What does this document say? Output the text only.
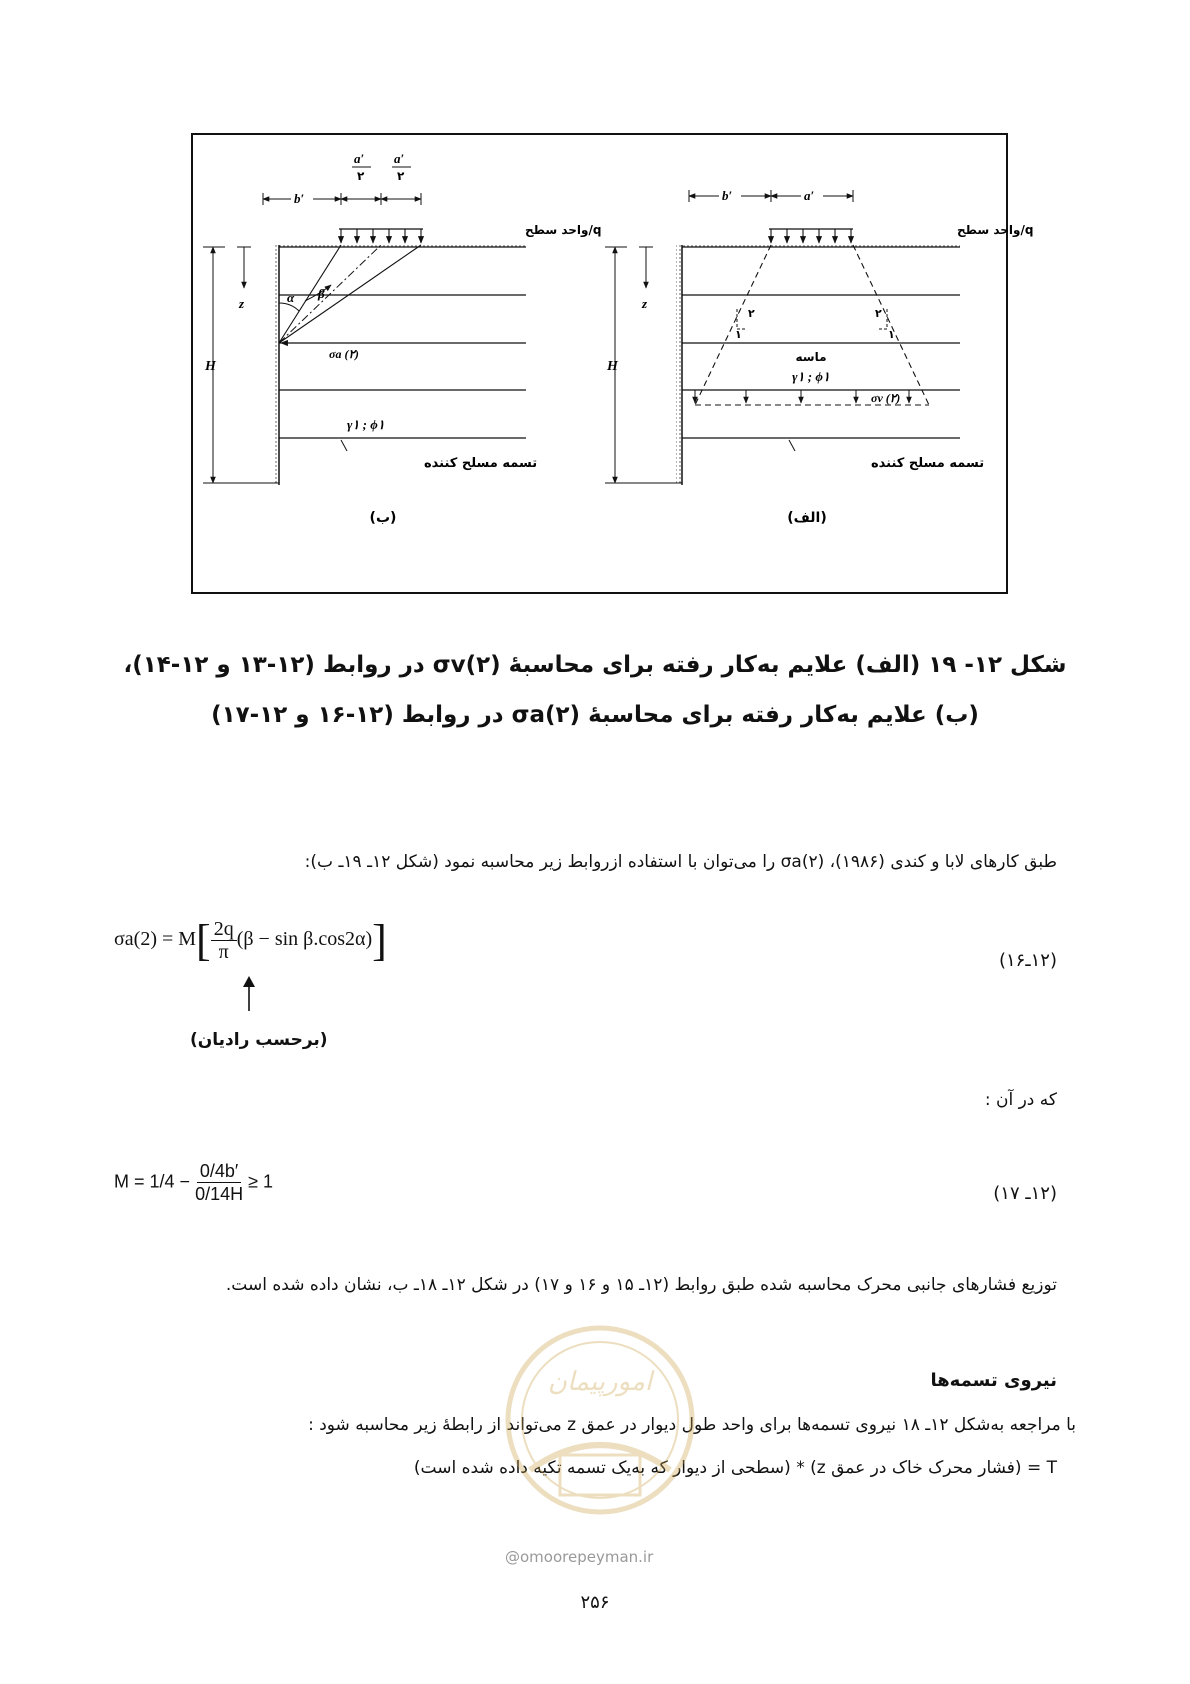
H
z
q/واحد سطح
b′
a′
۲
a′
۲
α β
σa (۲)
γ۱ ; ϕ۱
تسمه مسلح کننده
(ب)
H
z
q/واحد سطح
b′	a′
۲
۱
۲
۱
ماسه
γ۱ ; ϕ۱
σv (۲)
تسمه مسلح کننده
(الف)
شکل ۱۲- ۱۹ (الف) علایم به‌کار رفته برای محاسبهٔ σv(۲) در روابط (۱۲-۱۳ و ۱۲-۱۴)،
(ب) علایم به‌کار رفته برای محاسبهٔ σa(۲) در روابط (۱۲-۱۶ و ۱۲-۱۷)
طبق کارهای لابا و کندی (۱۹۸۶)، σa(۲) را می‌توان با استفاده ازروابط زیر محاسبه نمود (شکل ۱۲ـ ۱۹ـ ب):
$\sigma a(2) = M[ \frac{2q}{\pi} (\beta - \sin \beta.\cos 2\alpha)]$	(۱۲ـ۱۶)
(برحسب رادیان)
که در آن :
$M = 1/4 - \frac{0/4b'}{0/14H} \ge 1$
(۱۲ـ ۱۷)
توزیع فشارهای جانبی محرک محاسبه شده طبق روابط (۱۲ـ ۱۵ و ۱۶ و ۱۷) در شکل ۱۲ـ ۱۸ـ ب، نشان داده شده است.
نیروی تسمه‌ها
با مراجعه به‌شکل ۱۲ـ ۱۸ نیروی تسمه‌ها برای واحد طول دیوار در عمق z می‌تواند از رابطهٔ زیر محاسبه شود :
T = (فشار محرک خاک در عمق z) * (سطحی از دیوار که به‌یک تسمه تکیه داده شده است)
امورپیمان
@omoorepeyman.ir
۲۵۶
